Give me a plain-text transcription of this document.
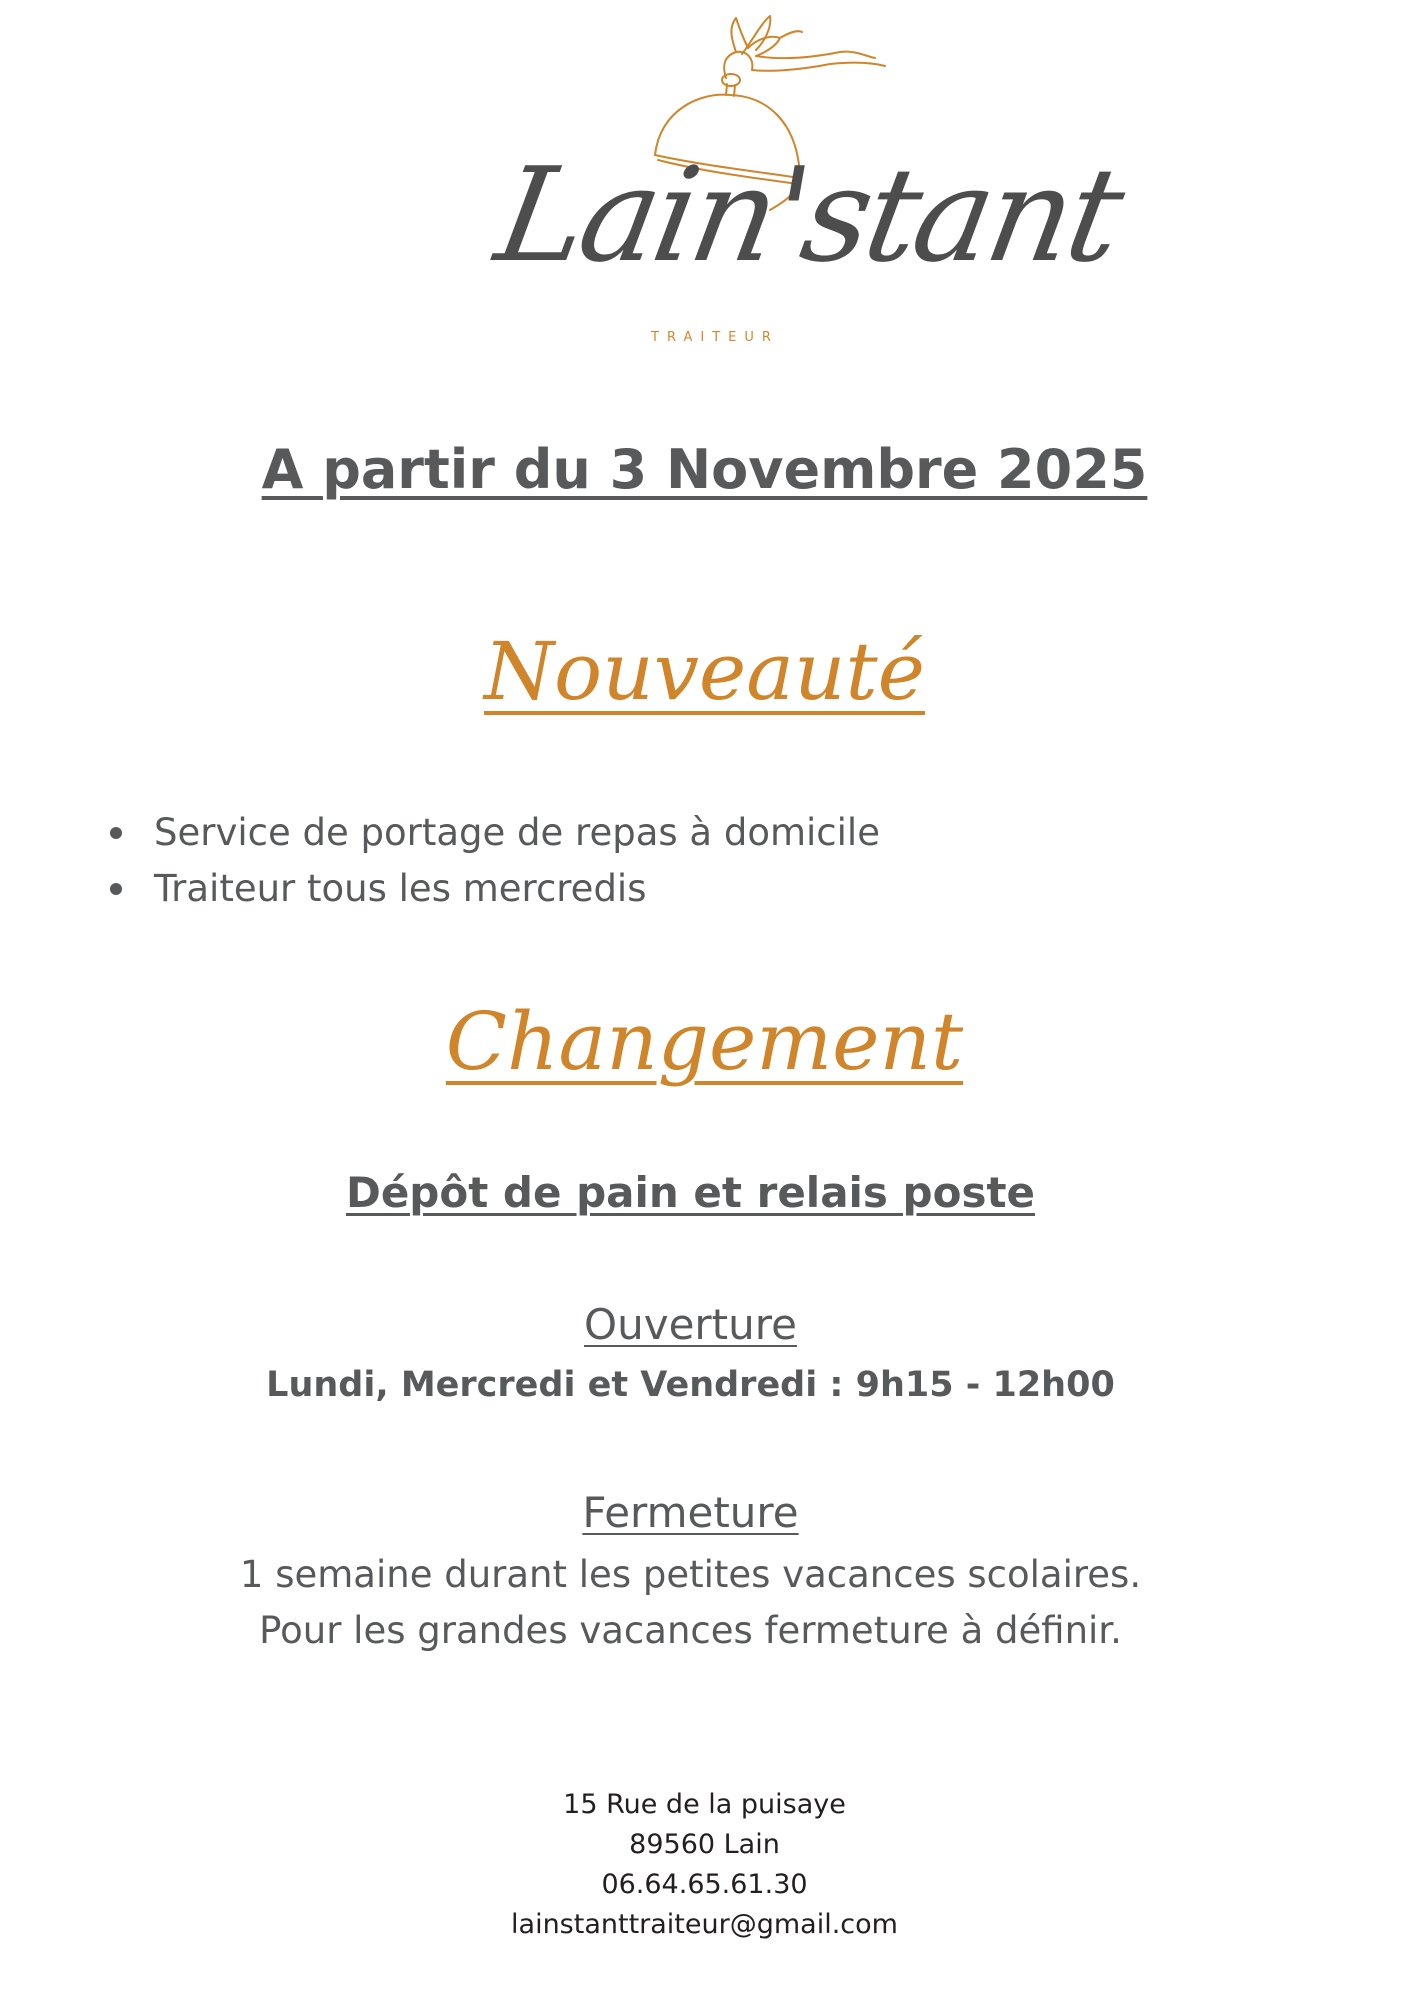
Lain'stant
TRAITEUR
A partir du 3 Novembre 2025
Nouveauté
Service de portage de repas à domicile
Traiteur tous les mercredis
Changement
Dépôt de pain et relais poste
Ouverture
Lundi, Mercredi et Vendredi : 9h15 - 12h00
Fermeture
1 semaine durant les petites vacances scolaires.
Pour les grandes vacances fermeture à définir.
15 Rue de la puisaye
89560 Lain
06.64.65.61.30
lainstanttraiteur@gmail.com
